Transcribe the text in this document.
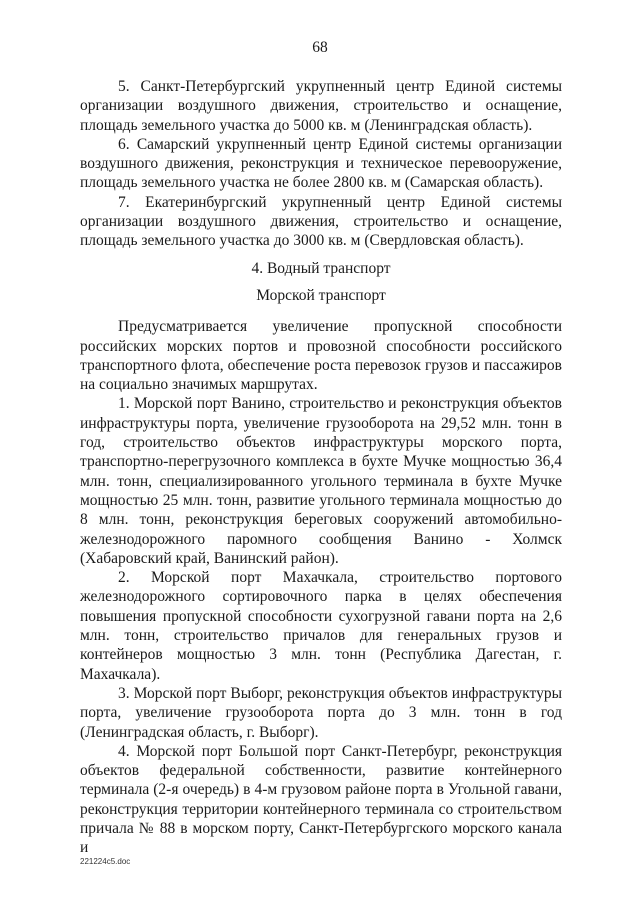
68

5. Санкт-Петербургский укрупненный центр Единой системы организации воздушного движения, строительство и оснащение, площадь земельного участка до 5000 кв. м (Ленинградская область).

6. Самарский укрупненный центр Единой системы организации воздушного движения, реконструкция и техническое перевооружение, площадь земельного участка не более 2800 кв. м (Самарская область).

7. Екатеринбургский укрупненный центр Единой системы организации воздушного движения, строительство и оснащение, площадь земельного участка до 3000 кв. м (Свердловская область).

4. Водный транспорт

Морской транспорт

Предусматривается увеличение пропускной способности российских морских портов и провозной способности российского транспортного флота, обеспечение роста перевозок грузов и пассажиров на социально значимых маршрутах.

1. Морской порт Ванино, строительство и реконструкция объектов инфраструктуры порта, увеличение грузооборота на 29,52 млн. тонн в год, строительство объектов инфраструктуры морского порта, транспортно-перегрузочного комплекса в бухте Мучке мощностью 36,4 млн. тонн, специализированного угольного терминала в бухте Мучке мощностью 25 млн. тонн, развитие угольного терминала мощностью до 8 млн. тонн, реконструкция береговых сооружений автомобильно-железнодорожного паромного сообщения Ванино - Холмск (Хабаровский край, Ванинский район).

2. Морской порт Махачкала, строительство портового железнодорожного сортировочного парка в целях обеспечения повышения пропускной способности сухогрузной гавани порта на 2,6 млн. тонн, строительство причалов для генеральных грузов и контейнеров мощностью 3 млн. тонн (Республика Дагестан, г. Махачкала).

3. Морской порт Выборг, реконструкция объектов инфраструктуры порта, увеличение грузооборота порта до 3 млн. тонн в год (Ленинградская область, г. Выборг).

4. Морской порт Большой порт Санкт-Петербург, реконструкция объектов федеральной собственности, развитие контейнерного терминала (2-я очередь) в 4-м грузовом районе порта в Угольной гавани, реконструкция территории контейнерного терминала со строительством причала № 88 в морском порту, Санкт-Петербургского морского канала и

221224c5.doc
